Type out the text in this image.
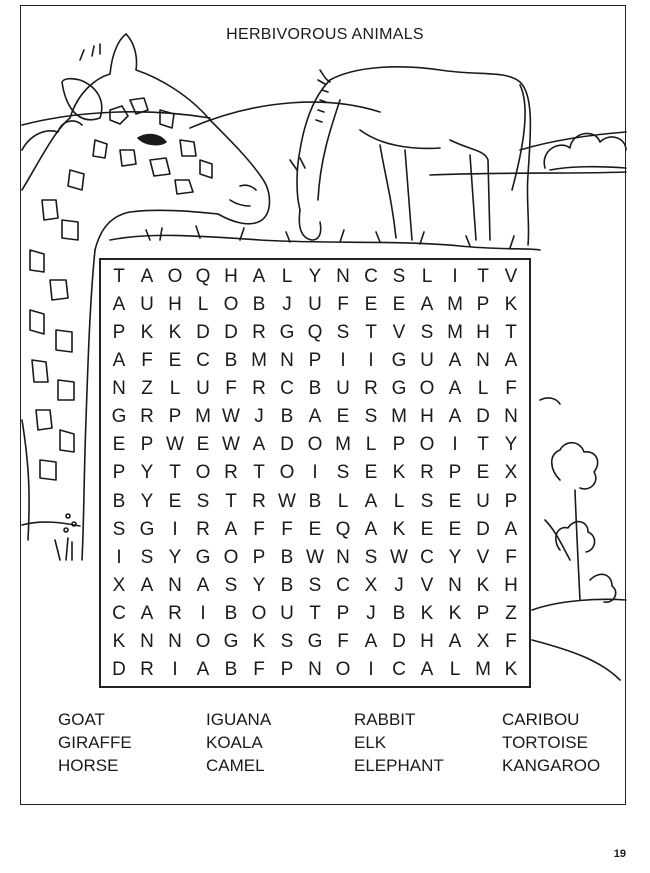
HERBIVOROUS ANIMALS
T A O Q H A L Y N C S L	I	T V
A U H L O B J U F E E A M P K
P K K D D R G Q S T V S M H T
A F E C B M N P	I	I G U A N A
N Z L U F R C B U R G O A L F
G R P M W J B A E S M H A D N
E P W E W A D O M L P O I	T Y
P Y T O R T O I	S E K R P E X
B Y E S T R W B L A L S E U P
S G I R A F F E Q A K E E D A
I	S Y G O P B W N S W C Y V F
X A N A S Y B S C X J V N K H
C A R I	B O U T P J B K K P Z
K N N O G K S G F A D H A X F
D R I	A B F P N O I C A L M K
GOAT	IGUANA	RABBIT	CARIBOU
GIRAFFE	KOALA	ELK	TORTOISE
HORSE	CAMEL	ELEPHANT	KANGAROO
19
